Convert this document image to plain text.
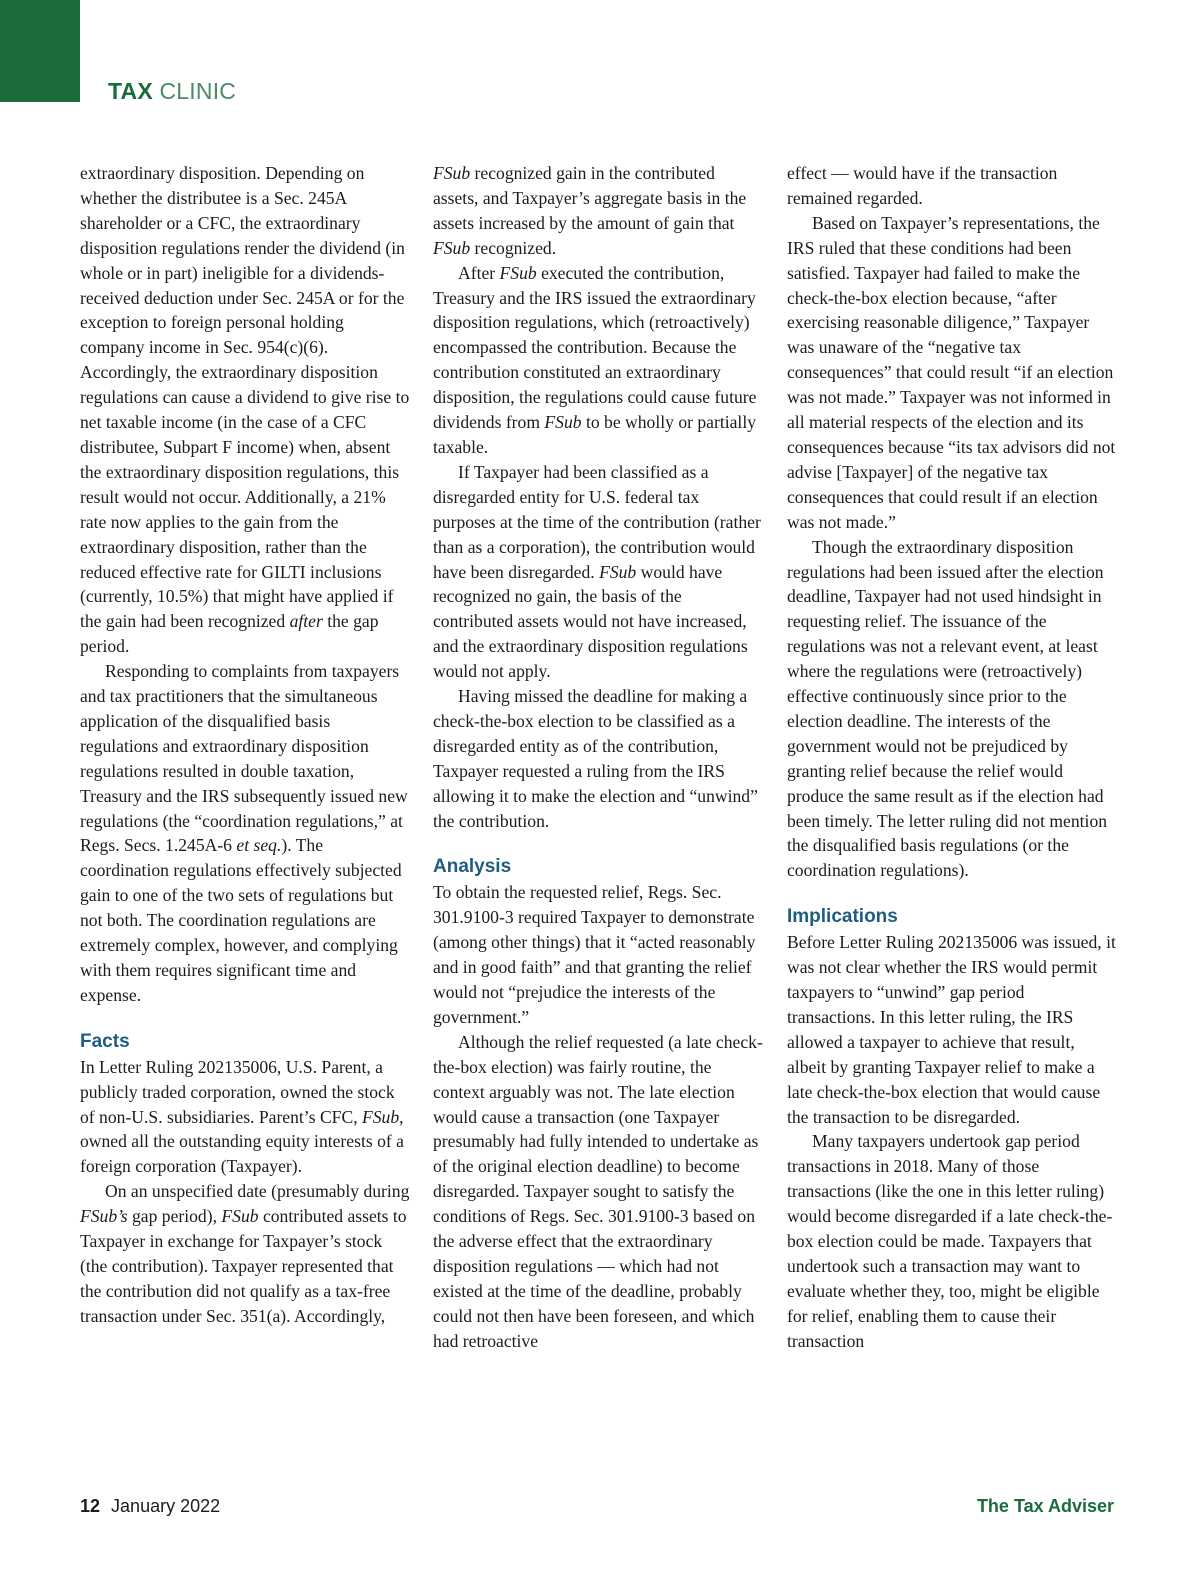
TAX CLINIC

extraordinary disposition. Depending on whether the distributee is a Sec. 245A shareholder or a CFC, the extraordinary disposition regulations render the dividend (in whole or in part) ineligible for a dividends-received deduction under Sec. 245A or for the exception to foreign personal holding company income in Sec. 954(c)(6). Accordingly, the extraordinary disposition regulations can cause a dividend to give rise to net taxable income (in the case of a CFC distributee, Subpart F income) when, absent the extraordinary disposition regulations, this result would not occur. Additionally, a 21% rate now applies to the gain from the extraordinary disposition, rather than the reduced effective rate for GILTI inclusions (currently, 10.5%) that might have applied if the gain had been recognized after the gap period.

Responding to complaints from taxpayers and tax practitioners that the simultaneous application of the disqualified basis regulations and extraordinary disposition regulations resulted in double taxation, Treasury and the IRS subsequently issued new regulations (the “coordination regulations,” at Regs. Secs. 1.245A-6 et seq.). The coordination regulations effectively subjected gain to one of the two sets of regulations but not both. The coordination regulations are extremely complex, however, and complying with them requires significant time and expense.

Facts

In Letter Ruling 202135006, U.S. Parent, a publicly traded corporation, owned the stock of non-U.S. subsidiaries. Parent’s CFC, FSub, owned all the outstanding equity interests of a foreign corporation (Taxpayer).

On an unspecified date (presumably during FSub’s gap period), FSub contributed assets to Taxpayer in exchange for Taxpayer’s stock (the contribution). Taxpayer represented that the contribution did not qualify as a tax-free transaction under Sec. 351(a). Accordingly,

FSub recognized gain in the contributed assets, and Taxpayer’s aggregate basis in the assets increased by the amount of gain that FSub recognized.

After FSub executed the contribution, Treasury and the IRS issued the extraordinary disposition regulations, which (retroactively) encompassed the contribution. Because the contribution constituted an extraordinary disposition, the regulations could cause future dividends from FSub to be wholly or partially taxable.

If Taxpayer had been classified as a disregarded entity for U.S. federal tax purposes at the time of the contribution (rather than as a corporation), the contribution would have been disregarded. FSub would have recognized no gain, the basis of the contributed assets would not have increased, and the extraordinary disposition regulations would not apply.

Having missed the deadline for making a check-the-box election to be classified as a disregarded entity as of the contribution, Taxpayer requested a ruling from the IRS allowing it to make the election and “unwind” the contribution.

Analysis

To obtain the requested relief, Regs. Sec. 301.9100-3 required Taxpayer to demonstrate (among other things) that it “acted reasonably and in good faith” and that granting the relief would not “prejudice the interests of the government.”

Although the relief requested (a late check-the-box election) was fairly routine, the context arguably was not. The late election would cause a transaction (one Taxpayer presumably had fully intended to undertake as of the original election deadline) to become disregarded. Taxpayer sought to satisfy the conditions of Regs. Sec. 301.9100-3 based on the adverse effect that the extraordinary disposition regulations — which had not existed at the time of the deadline, probably could not then have been foreseen, and which had retroactive

effect — would have if the transaction remained regarded.

Based on Taxpayer’s representations, the IRS ruled that these conditions had been satisfied. Taxpayer had failed to make the check-the-box election because, “after exercising reasonable diligence,” Taxpayer was unaware of the “negative tax consequences” that could result “if an election was not made.” Taxpayer was not informed in all material respects of the election and its consequences because “its tax advisors did not advise [Taxpayer] of the negative tax consequences that could result if an election was not made.”

Though the extraordinary disposition regulations had been issued after the election deadline, Taxpayer had not used hindsight in requesting relief. The issuance of the regulations was not a relevant event, at least where the regulations were (retroactively) effective continuously since prior to the election deadline. The interests of the government would not be prejudiced by granting relief because the relief would produce the same result as if the election had been timely. The letter ruling did not mention the disqualified basis regulations (or the coordination regulations).

Implications

Before Letter Ruling 202135006 was issued, it was not clear whether the IRS would permit taxpayers to “unwind” gap period transactions. In this letter ruling, the IRS allowed a taxpayer to achieve that result, albeit by granting Taxpayer relief to make a late check-the-box election that would cause the transaction to be disregarded.

Many taxpayers undertook gap period transactions in 2018. Many of those transactions (like the one in this letter ruling) would become disregarded if a late check-the-box election could be made. Taxpayers that undertook such a transaction may want to evaluate whether they, too, might be eligible for relief, enabling them to cause their transaction

12 January 2022	The Tax Adviser
